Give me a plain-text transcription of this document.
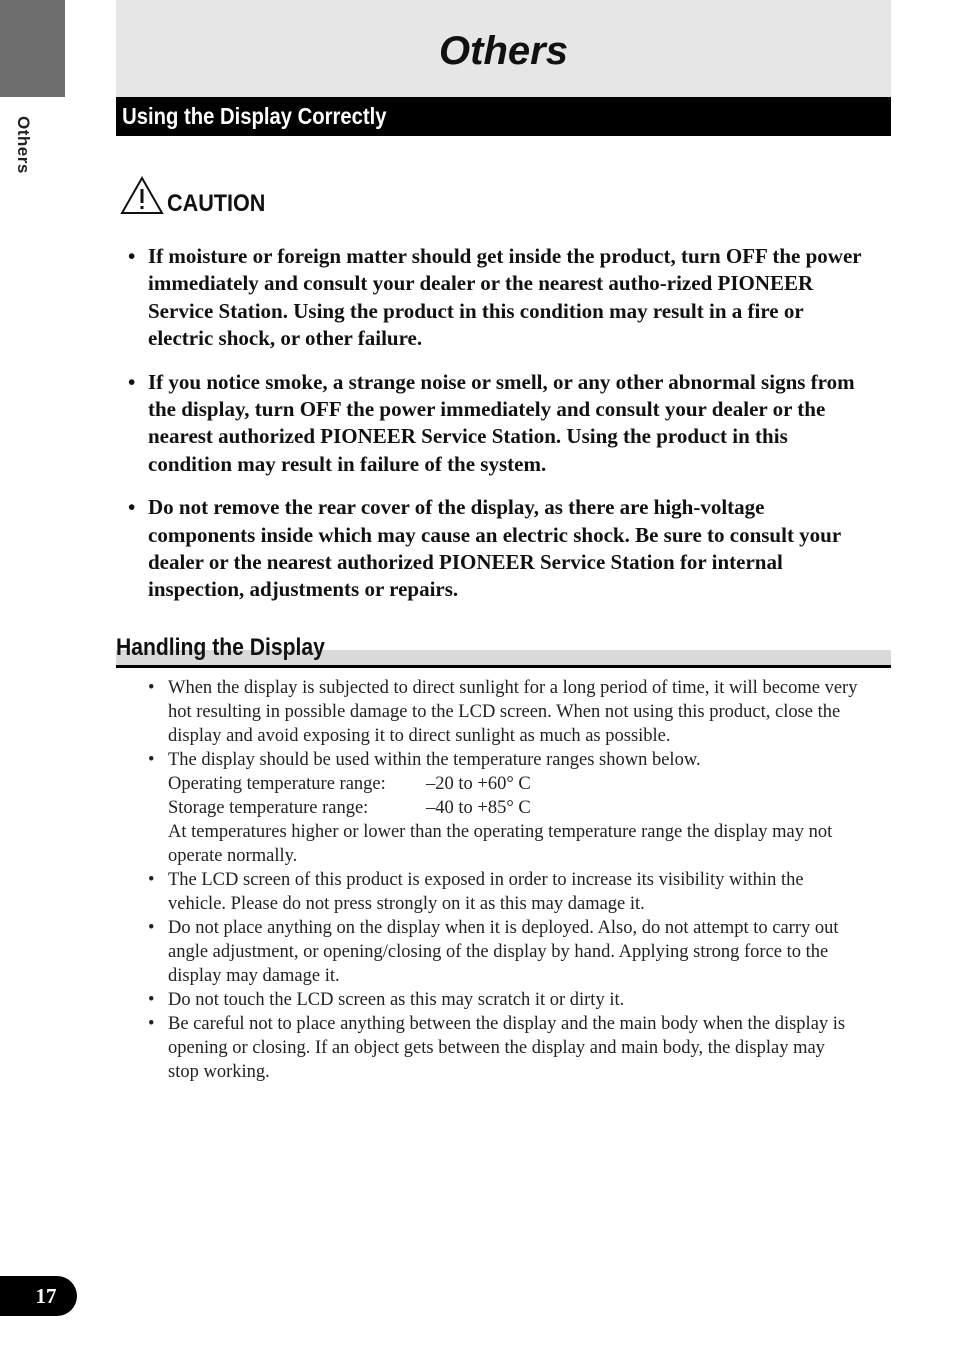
Others
Others
Using the Display Correctly
CAUTION
• If moisture or foreign matter should get inside the product, turn OFF the power immediately and consult your dealer or the nearest autho-rized PIONEER Service Station. Using the product in this condition may result in a fire or electric shock, or other failure.
• If you notice smoke, a strange noise or smell, or any other abnormal signs from the display, turn OFF the power immediately and consult your dealer or the nearest authorized PIONEER Service Station. Using the product in this condition may result in failure of the system.
• Do not remove the rear cover of the display, as there are high-voltage components inside which may cause an electric shock. Be sure to consult your dealer or the nearest authorized PIONEER Service Station for internal inspection, adjustments or repairs.
Handling the Display
• When the display is subjected to direct sunlight for a long period of time, it will become very hot resulting in possible damage to the LCD screen. When not using this product, close the display and avoid exposing it to direct sunlight as much as possible.
• The display should be used within the temperature ranges shown below.
Operating temperature range:	–20 to +60° C
Storage temperature range:	–40 to +85° C
At temperatures higher or lower than the operating temperature range the display may not operate normally.
• The LCD screen of this product is exposed in order to increase its visibility within the vehicle. Please do not press strongly on it as this may damage it.
• Do not place anything on the display when it is deployed. Also, do not attempt to carry out angle adjustment, or opening/closing of the display by hand. Applying strong force to the display may damage it.
• Do not touch the LCD screen as this may scratch it or dirty it.
• Be careful not to place anything between the display and the main body when the display is opening or closing. If an object gets between the display and main body, the display may stop working.
17
